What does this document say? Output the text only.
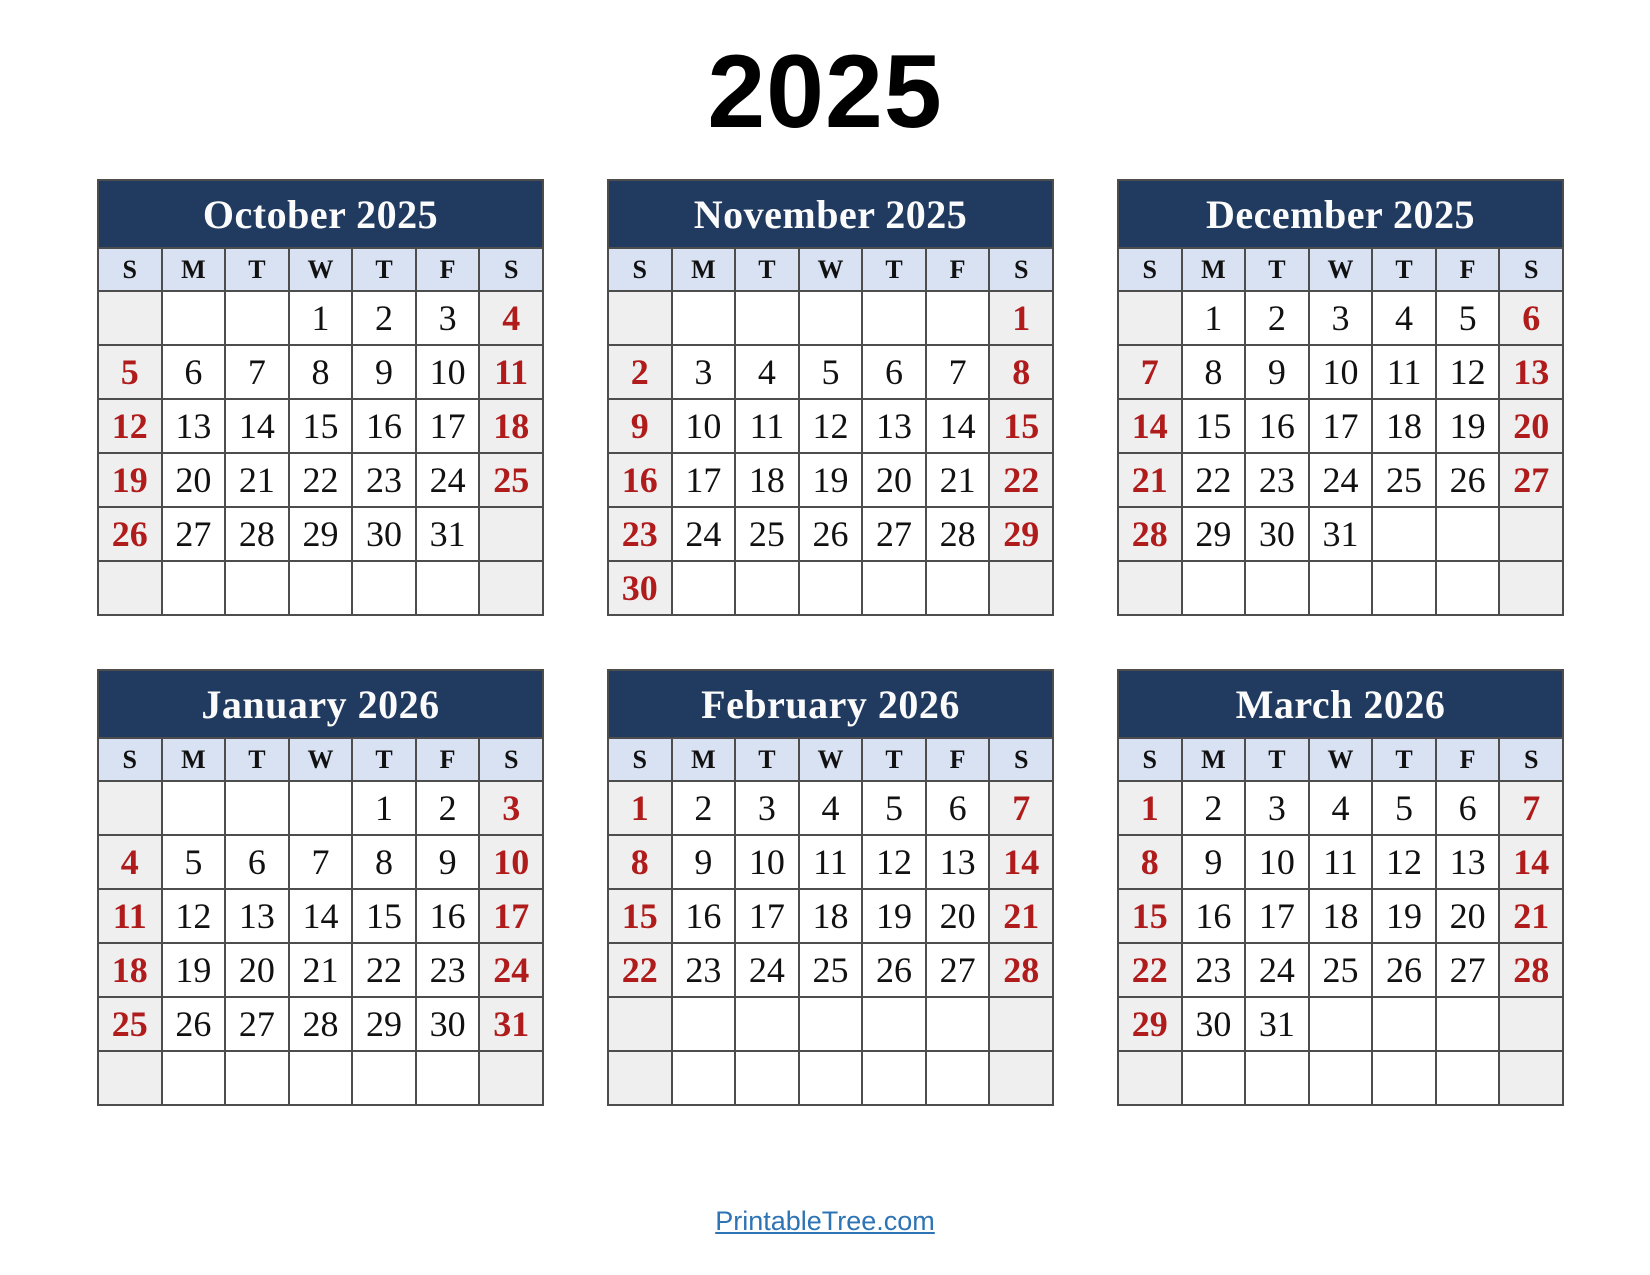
2025
October 2025
S	M	T	W	T	F	S
			1	2	3	4
5	6	7	8	9	10	11
12	13	14	15	16	17	18
19	20	21	22	23	24	25
26	27	28	29	30	31	

November 2025
S	M	T	W	T	F	S
						1
2	3	4	5	6	7	8
9	10	11	12	13	14	15
16	17	18	19	20	21	22
23	24	25	26	27	28	29
30						
December 2025
S	M	T	W	T	F	S
	1	2	3	4	5	6
7	8	9	10	11	12	13
14	15	16	17	18	19	20
21	22	23	24	25	26	27
28	29	30	31			

January 2026
S	M	T	W	T	F	S
				1	2	3
4	5	6	7	8	9	10
11	12	13	14	15	16	17
18	19	20	21	22	23	24
25	26	27	28	29	30	31

February 2026
S	M	T	W	T	F	S
1	2	3	4	5	6	7
8	9	10	11	12	13	14
15	16	17	18	19	20	21
22	23	24	25	26	27	28

March 2026
S	M	T	W	T	F	S
1	2	3	4	5	6	7
8	9	10	11	12	13	14
15	16	17	18	19	20	21
22	23	24	25	26	27	28
29	30	31				

PrintableTree.com
